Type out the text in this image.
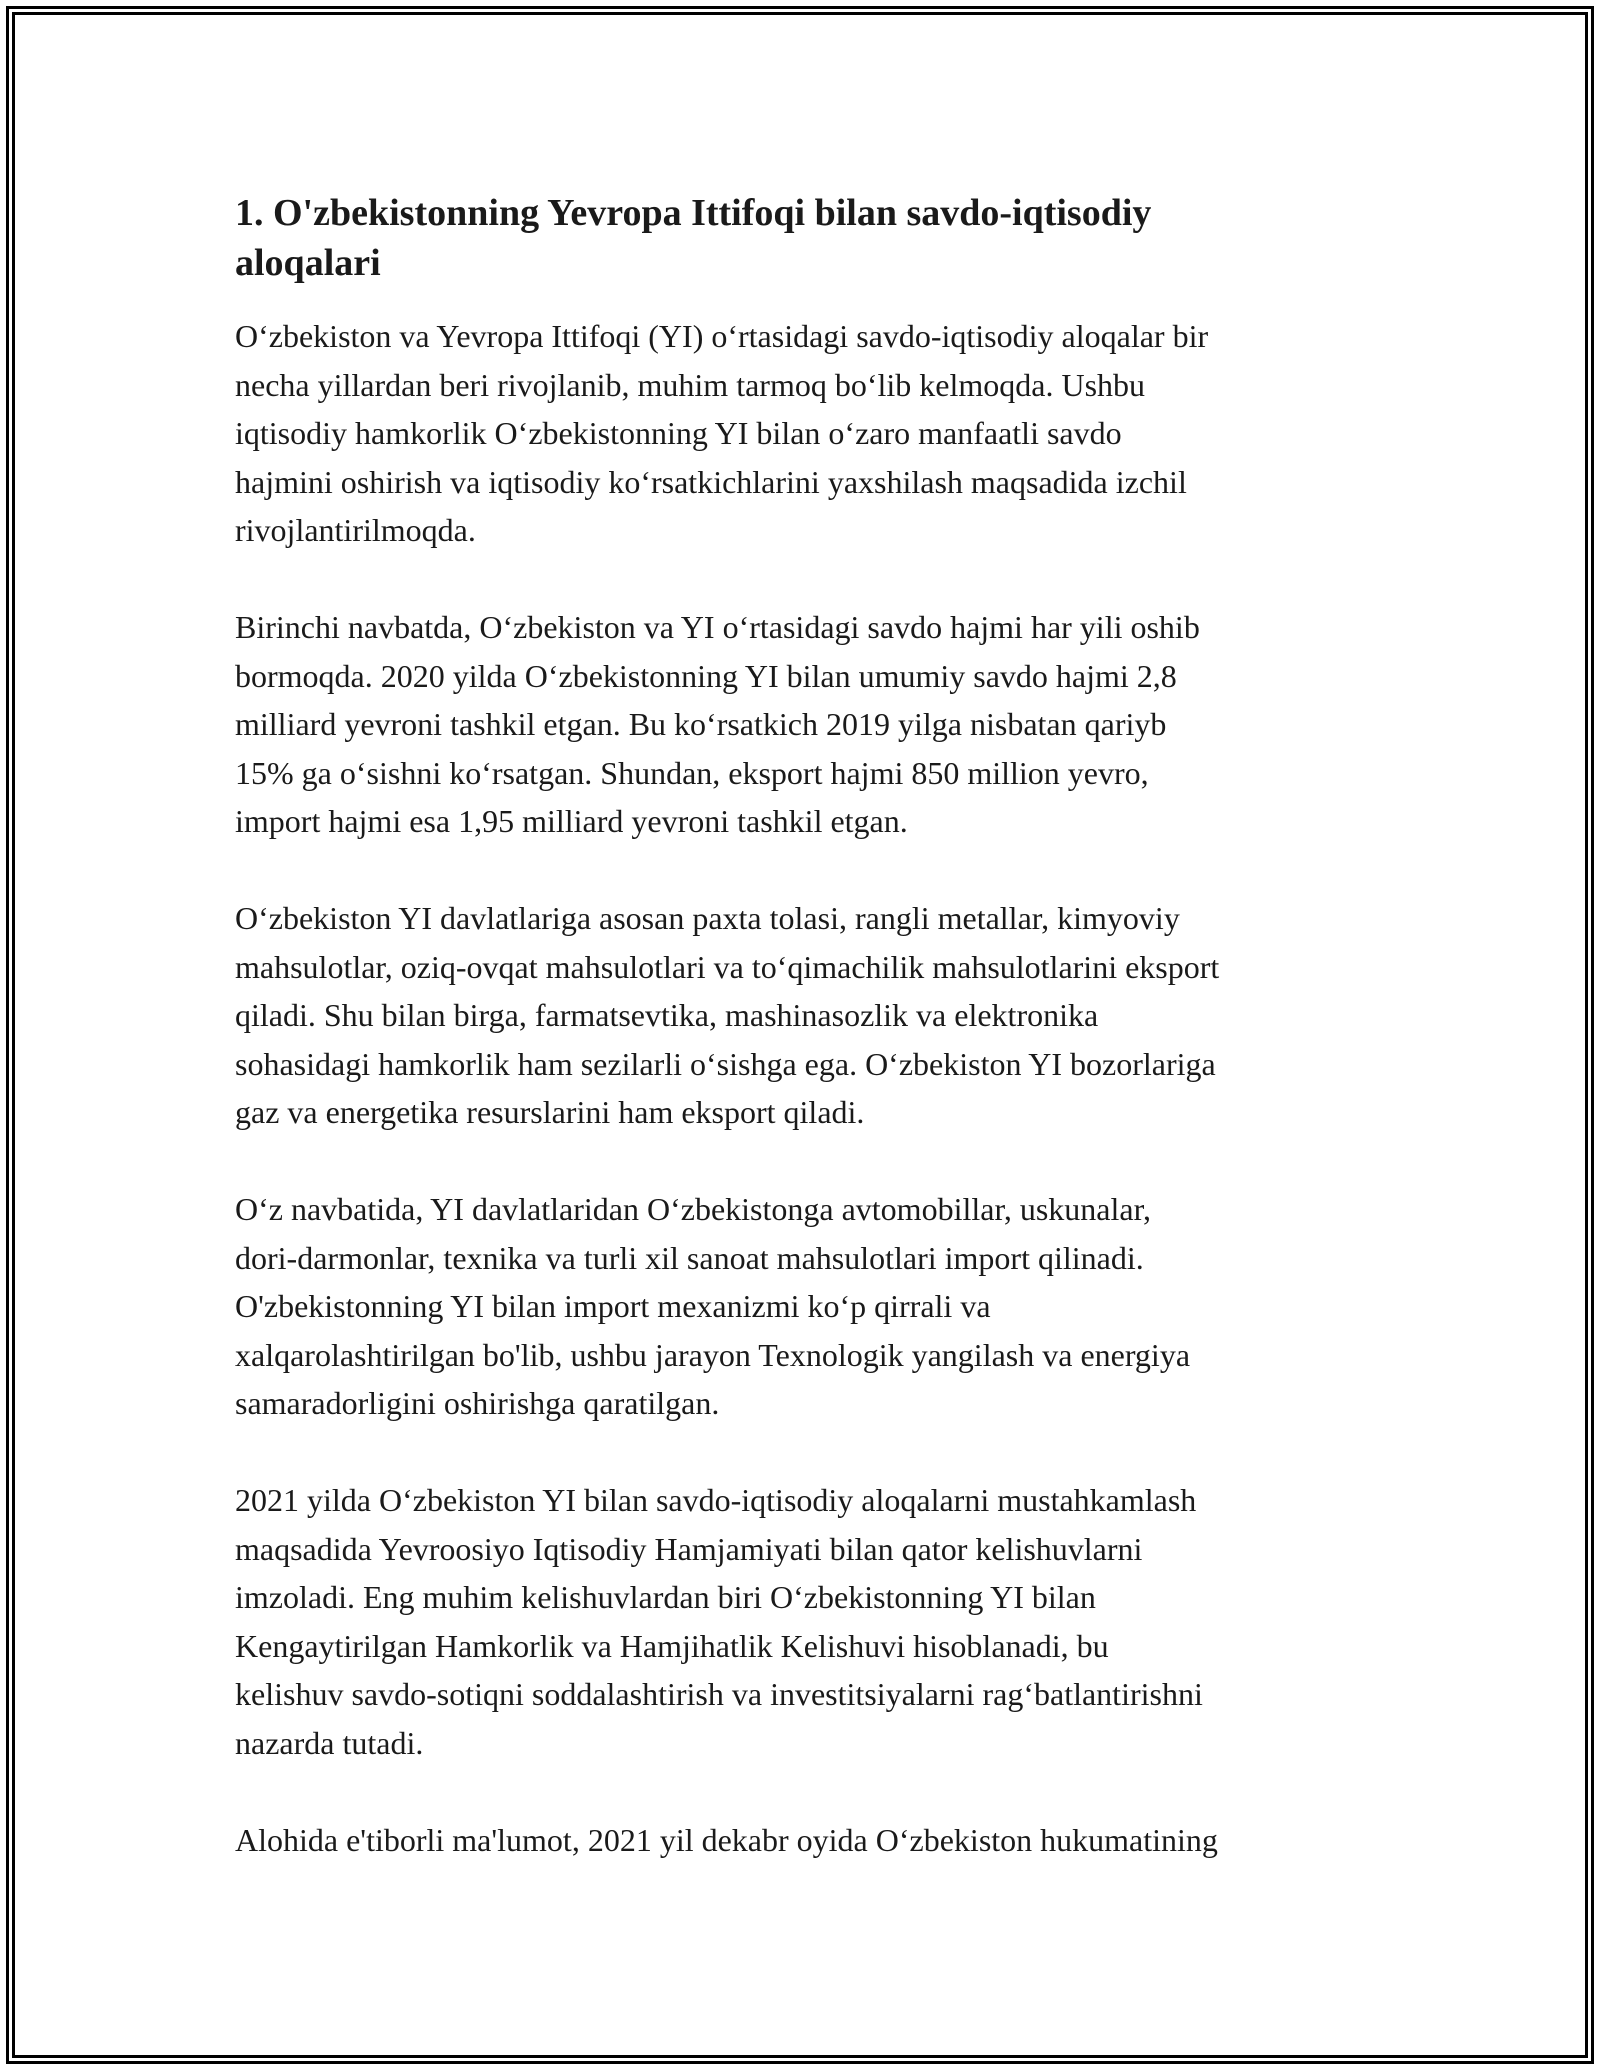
1. O'zbekistonning Yevropa Ittifoqi bilan savdo-iqtisodiy
aloqalari

O‘zbekiston va Yevropa Ittifoqi (YI) o‘rtasidagi savdo-iqtisodiy aloqalar bir
necha yillardan beri rivojlanib, muhim tarmoq bo‘lib kelmoqda. Ushbu
iqtisodiy hamkorlik O‘zbekistonning YI bilan o‘zaro manfaatli savdo
hajmini oshirish va iqtisodiy ko‘rsatkichlarini yaxshilash maqsadida izchil
rivojlantirilmoqda.

Birinchi navbatda, O‘zbekiston va YI o‘rtasidagi savdo hajmi har yili oshib
bormoqda. 2020 yilda O‘zbekistonning YI bilan umumiy savdo hajmi 2,8
milliard yevroni tashkil etgan. Bu ko‘rsatkich 2019 yilga nisbatan qariyb
15% ga o‘sishni ko‘rsatgan. Shundan, eksport hajmi 850 million yevro,
import hajmi esa 1,95 milliard yevroni tashkil etgan.

O‘zbekiston YI davlatlariga asosan paxta tolasi, rangli metallar, kimyoviy
mahsulotlar, oziq-ovqat mahsulotlari va to‘qimachilik mahsulotlarini eksport
qiladi. Shu bilan birga, farmatsevtika, mashinasozlik va elektronika
sohasidagi hamkorlik ham sezilarli o‘sishga ega. O‘zbekiston YI bozorlariga
gaz va energetika resurslarini ham eksport qiladi.

O‘z navbatida, YI davlatlaridan O‘zbekistonga avtomobillar, uskunalar,
dori-darmonlar, texnika va turli xil sanoat mahsulotlari import qilinadi.
O'zbekistonning YI bilan import mexanizmi ko‘p qirrali va
xalqarolashtirilgan bo'lib, ushbu jarayon Texnologik yangilash va energiya
samaradorligini oshirishga qaratilgan.

2021 yilda O‘zbekiston YI bilan savdo-iqtisodiy aloqalarni mustahkamlash
maqsadida Yevroosiyo Iqtisodiy Hamjamiyati bilan qator kelishuvlarni
imzoladi. Eng muhim kelishuvlardan biri O‘zbekistonning YI bilan
Kengaytirilgan Hamkorlik va Hamjihatlik Kelishuvi hisoblanadi, bu
kelishuv savdo-sotiqni soddalashtirish va investitsiyalarni rag‘batlantirishni
nazarda tutadi.

Alohida e'tiborli ma'lumot, 2021 yil dekabr oyida O‘zbekiston hukumatining
